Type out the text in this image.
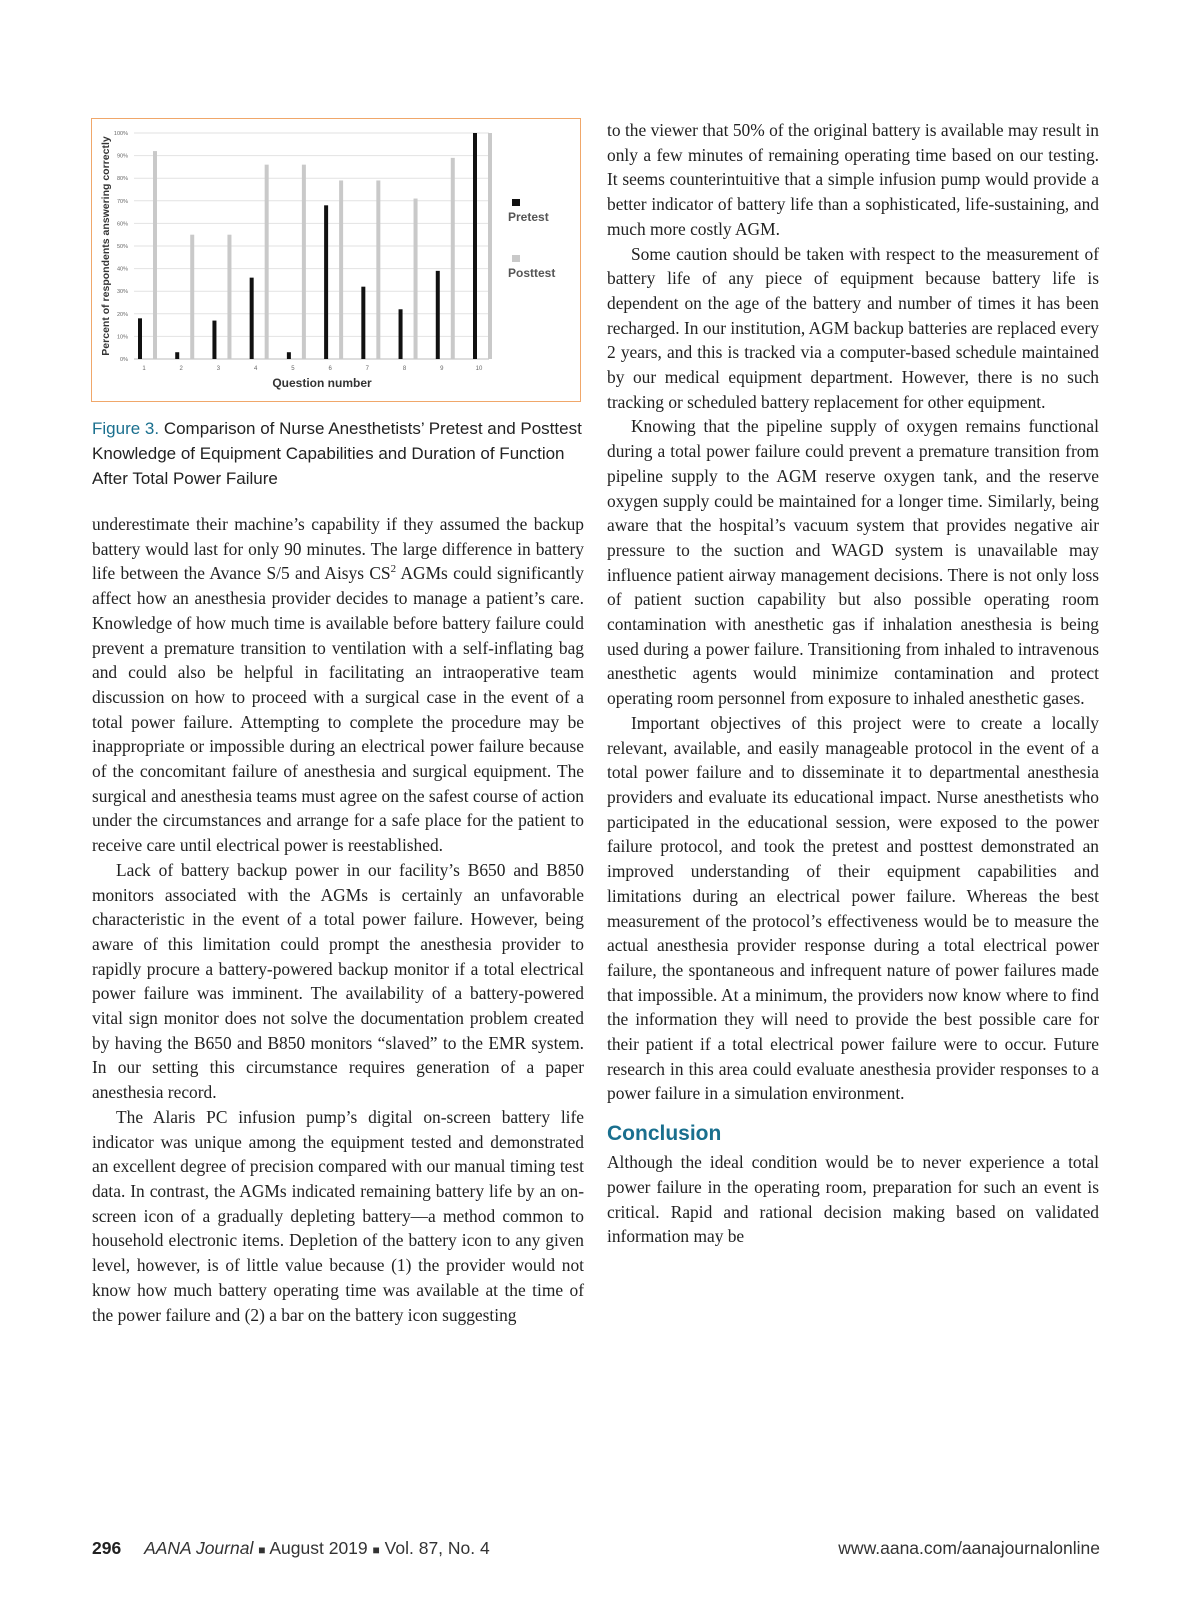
0%
10%
20%
30%
40%
50%
60%
70%
80%
90%
100%
1	2	3	4	5	6	7	8	9	10
Percent of respondents answering correctly
Question number
Pretest
Posttest
Figure 3. Comparison of Nurse Anesthetists’ Pretest and Posttest Knowledge of Equipment Capabilities and Duration of Function After Total Power Failure

underestimate their machine’s capability if they assumed the backup battery would last for only 90 minutes. The large difference in battery life between the Avance S/5 and Aisys $CS^2$ AGMs could significantly affect how an anesthesia provider decides to manage a patient’s care. Knowledge of how much time is available before battery failure could prevent a premature transition to ventilation with a self-inflating bag and could also be helpful in facilitating an intraoperative team discussion on how to proceed with a surgical case in the event of a total power failure. Attempting to complete the procedure may be inappropriate or impossible during an electrical power failure because of the concomitant failure of anesthesia and surgical equipment. The surgical and anesthesia teams must agree on the safest course of action under the circumstances and arrange for a safe place for the patient to receive care until electrical power is reestablished.

Lack of battery backup power in our facility’s B650 and B850 monitors associated with the AGMs is certainly an unfavorable characteristic in the event of a total power failure. However, being aware of this limitation could prompt the anesthesia provider to rapidly procure a battery-powered backup monitor if a total electrical power failure was imminent. The availability of a battery-powered vital sign monitor does not solve the documentation problem created by having the B650 and B850 monitors “slaved” to the EMR system. In our setting this circumstance requires generation of a paper anesthesia record.

The Alaris PC infusion pump’s digital on-screen battery life indicator was unique among the equipment tested and demonstrated an excellent degree of precision compared with our manual timing test data. In contrast, the AGMs indicated remaining battery life by an on-screen icon of a gradually depleting battery—a method common to household electronic items. Depletion of the battery icon to any given level, however, is of little value because (1) the provider would not know how much battery operating time was available at the time of the power failure and (2) a bar on the battery icon suggesting

to the viewer that 50% of the original battery is available may result in only a few minutes of remaining operating time based on our testing. It seems counterintuitive that a simple infusion pump would provide a better indicator of battery life than a sophisticated, life-sustaining, and much more costly AGM.

Some caution should be taken with respect to the measurement of battery life of any piece of equipment because battery life is dependent on the age of the battery and number of times it has been recharged. In our institution, AGM backup batteries are replaced every 2 years, and this is tracked via a computer-based schedule maintained by our medical equipment department. However, there is no such tracking or scheduled battery replacement for other equipment.

Knowing that the pipeline supply of oxygen remains functional during a total power failure could prevent a premature transition from pipeline supply to the AGM reserve oxygen tank, and the reserve oxygen supply could be maintained for a longer time. Similarly, being aware that the hospital’s vacuum system that provides negative air pressure to the suction and WAGD system is unavailable may influence patient airway management decisions. There is not only loss of patient suction capability but also possible operating room contamination with anesthetic gas if inhalation anesthesia is being used during a power failure. Transitioning from inhaled to intravenous anesthetic agents would minimize contamination and protect operating room personnel from exposure to inhaled anesthetic gases.

Important objectives of this project were to create a locally relevant, available, and easily manageable protocol in the event of a total power failure and to disseminate it to departmental anesthesia providers and evaluate its educational impact. Nurse anesthetists who participated in the educational session, were exposed to the power failure protocol, and took the pretest and posttest demonstrated an improved understanding of their equipment capabilities and limitations during an electrical power failure. Whereas the best measurement of the protocol’s effectiveness would be to measure the actual anesthesia provider response during a total electrical power failure, the spontaneous and infrequent nature of power failures made that impossible. At a minimum, the providers now know where to find the information they will need to provide the best possible care for their patient if a total electrical power failure were to occur. Future research in this area could evaluate anesthesia provider responses to a power failure in a simulation environment.

Conclusion

Although the ideal condition would be to never experience a total power failure in the operating room, preparation for such an event is critical. Rapid and rational decision making based on validated information may be

296 AANA Journal ■ August 2019 ■ Vol. 87, No. 4	www.aana.com/aanajournalonline
